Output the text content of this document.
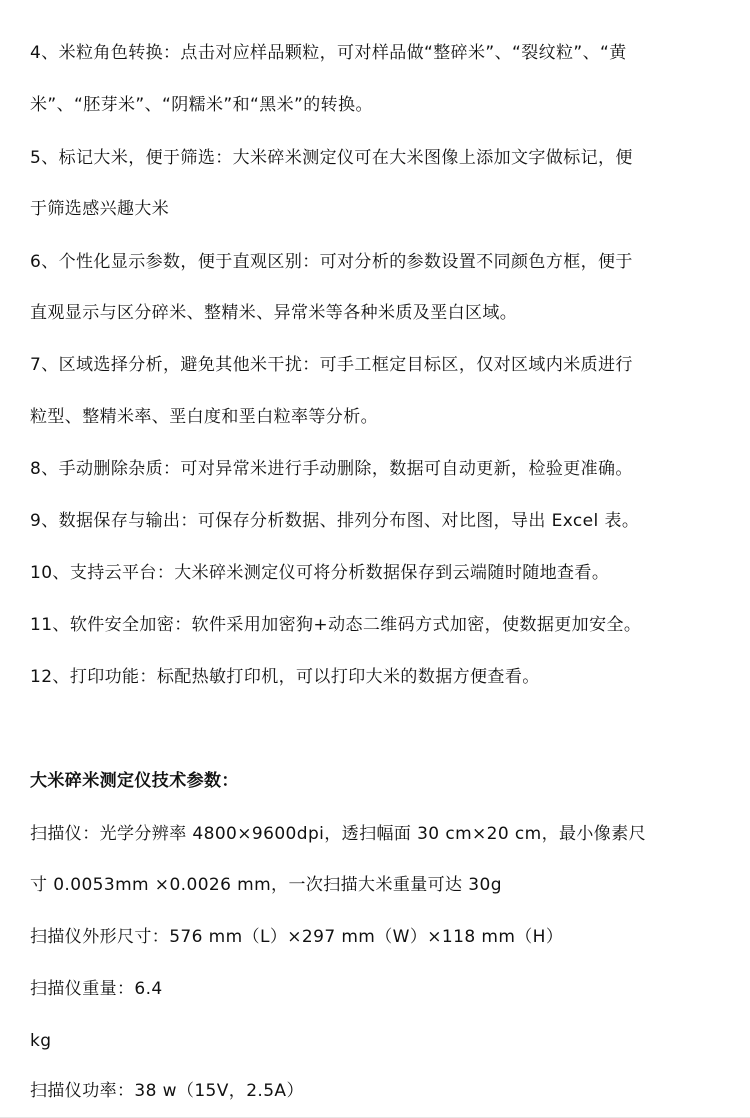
4、米粒角色转换：点击对应样品颗粒，可对样品做“整碎米”、“裂纹粒”、“黄
米”、“胚芽米”、“阴糯米”和“黑米”的转换。
5、标记大米，便于筛选：大米碎米测定仪可在大米图像上添加文字做标记，便
于筛选感兴趣大米
6、个性化显示参数，便于直观区别：可对分析的参数设置不同颜色方框，便于
直观显示与区分碎米、整精米、异常米等各种米质及垩白区域。
7、区域选择分析，避免其他米干扰：可手工框定目标区，仅对区域内米质进行
粒型、整精米率、垩白度和垩白粒率等分析。
8、手动删除杂质：可对异常米进行手动删除，数据可自动更新，检验更准确。
9、数据保存与输出：可保存分析数据、排列分布图、对比图，导出 Excel 表。
10、支持云平台：大米碎米测定仪可将分析数据保存到云端随时随地查看。
11、软件安全加密：软件采用加密狗+动态二维码方式加密，使数据更加安全。
12、打印功能：标配热敏打印机，可以打印大米的数据方便查看。
大米碎米测定仪技术参数：
扫描仪：光学分辨率 4800×9600dpi，透扫幅面 30 cm×20 cm，最小像素尺
寸 0.0053mm ×0.0026 mm，一次扫描大米重量可达 30g
扫描仪外形尺寸：576 mm（L）×297 mm（W）×118 mm（H）
扫描仪重量：6.4
kg
扫描仪功率：38 w（15V，2.5A）
